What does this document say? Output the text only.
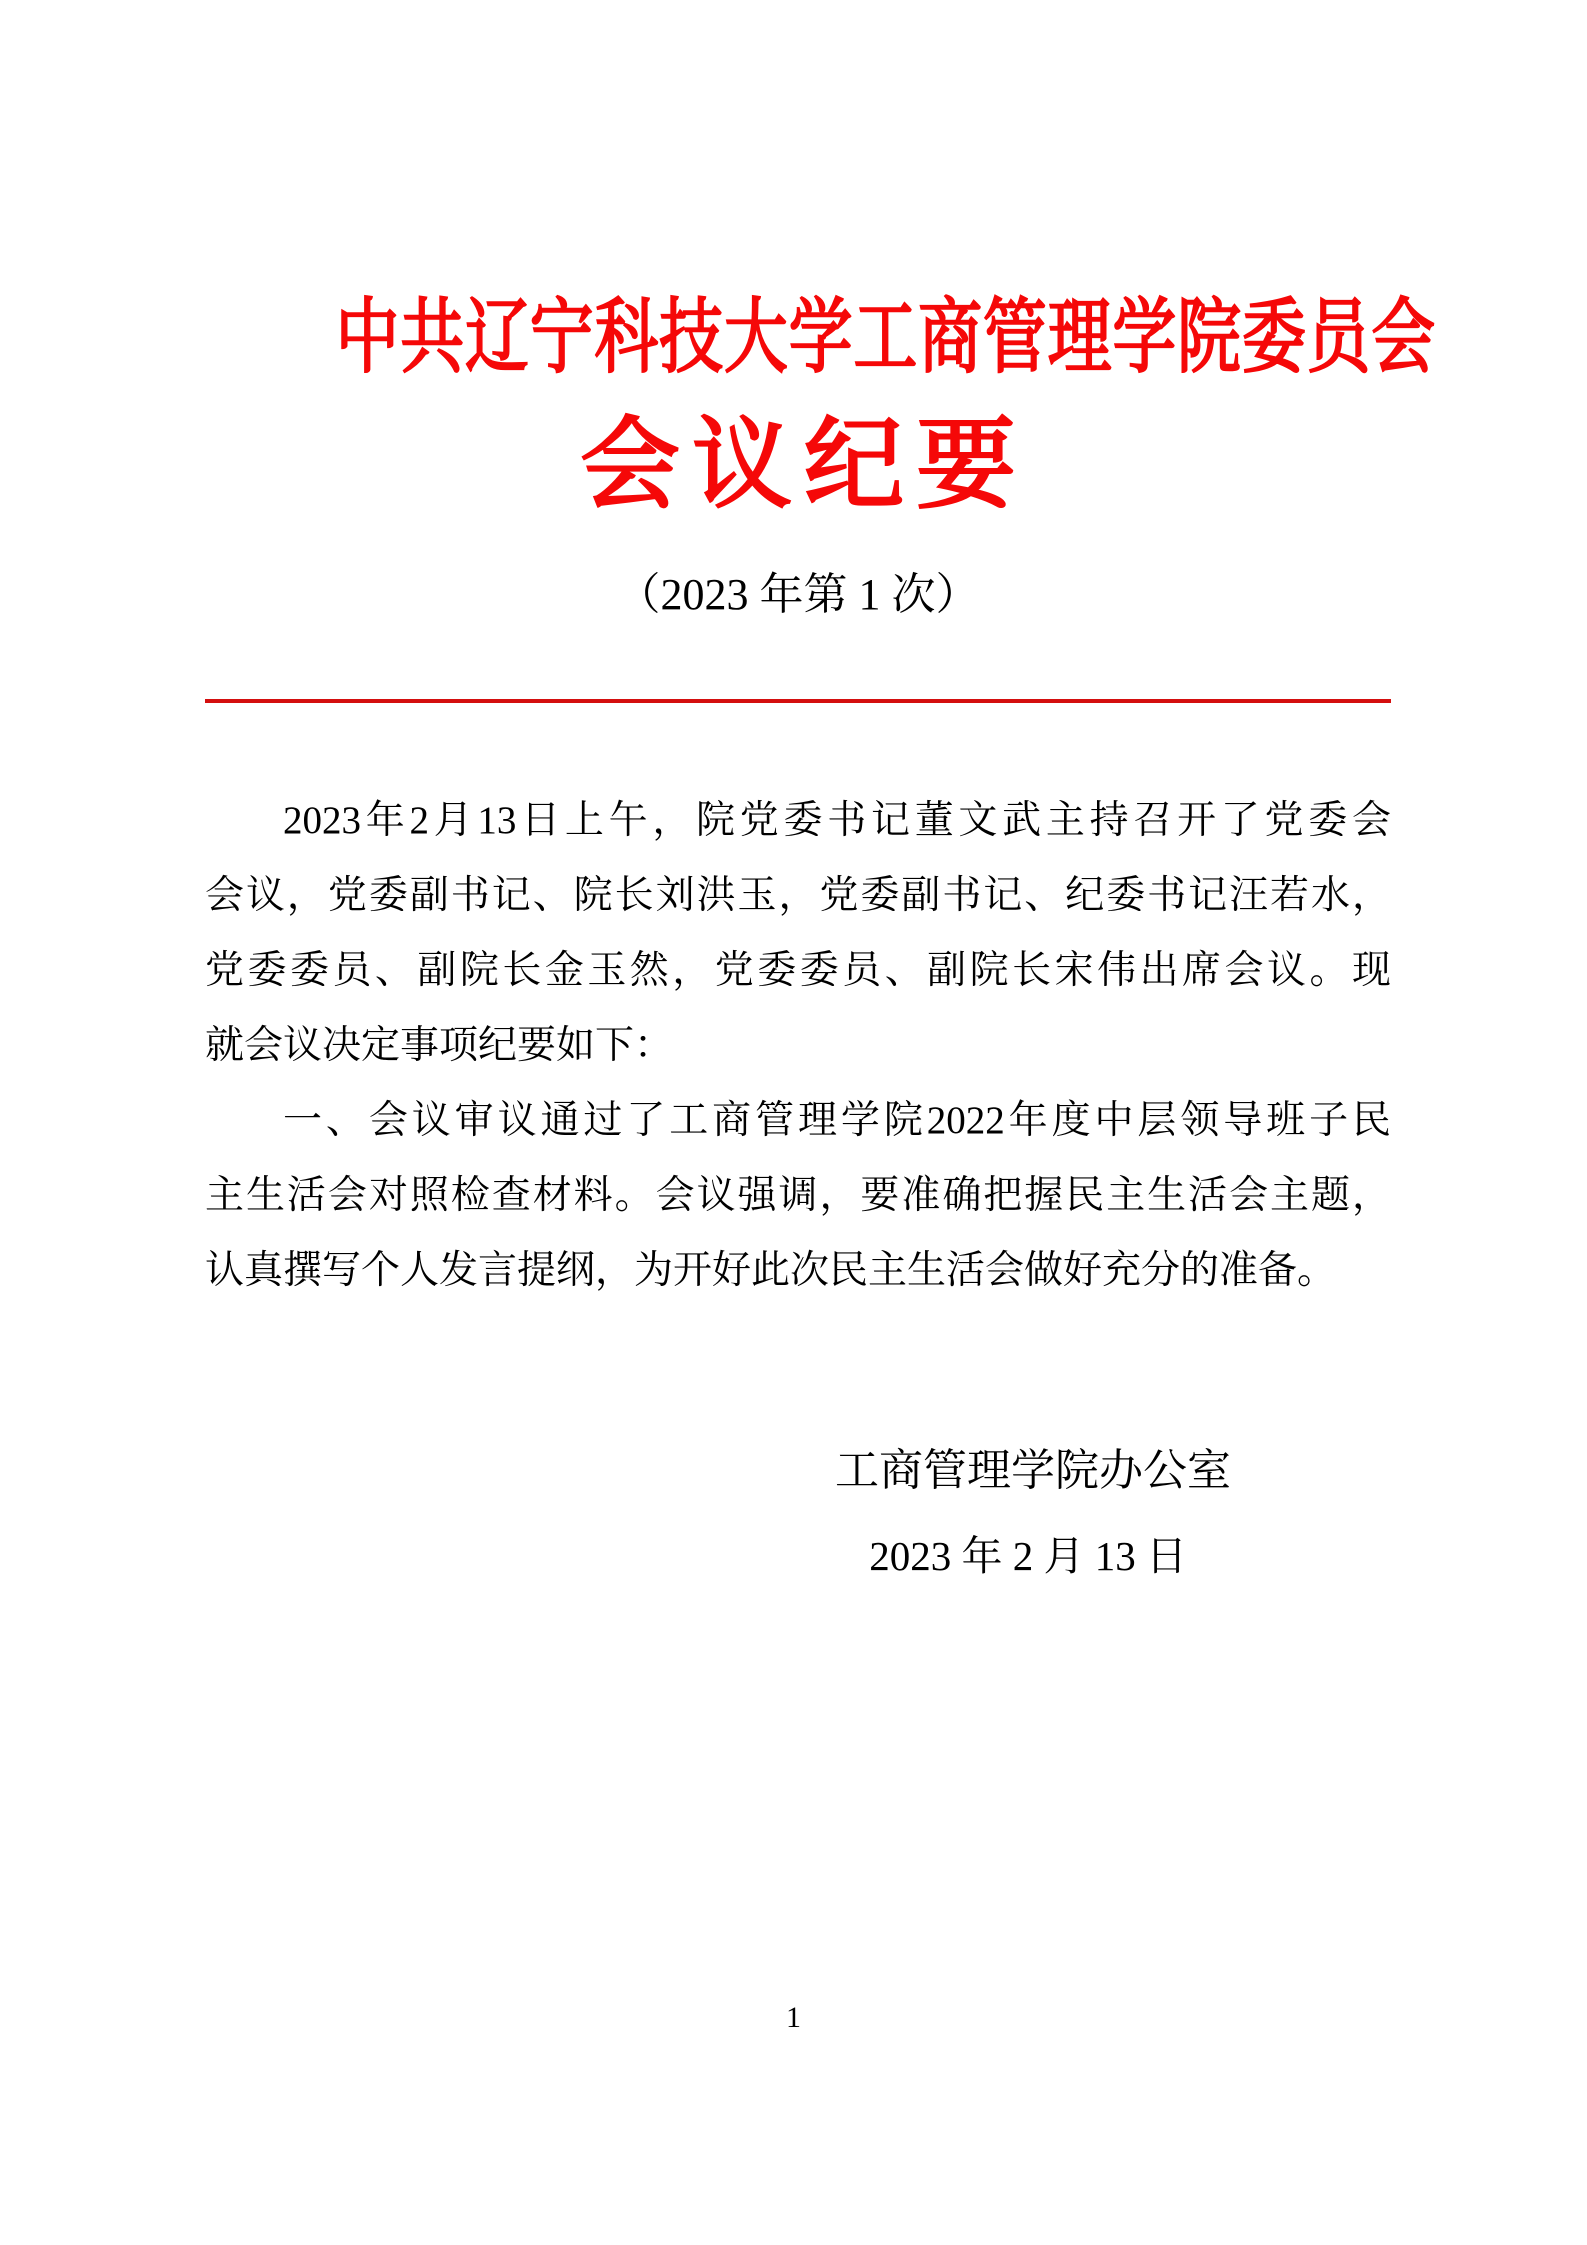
中共辽宁科技大学工商管理学院委员会
会议纪要
（2023 年第 1 次）
2023年2月13日上午，院党委书记董文武主持召开了党委会
会议，党委副书记、院长刘洪玉，党委副书记、纪委书记汪若水，
党委委员、副院长金玉然，党委委员、副院长宋伟出席会议。现
就会议决定事项纪要如下：
一、会议审议通过了工商管理学院2022年度中层领导班子民
主生活会对照检查材料。会议强调，要准确把握民主生活会主题，
认真撰写个人发言提纲，为开好此次民主生活会做好充分的准备。
工商管理学院办公室
2023 年 2 月 13 日
1
